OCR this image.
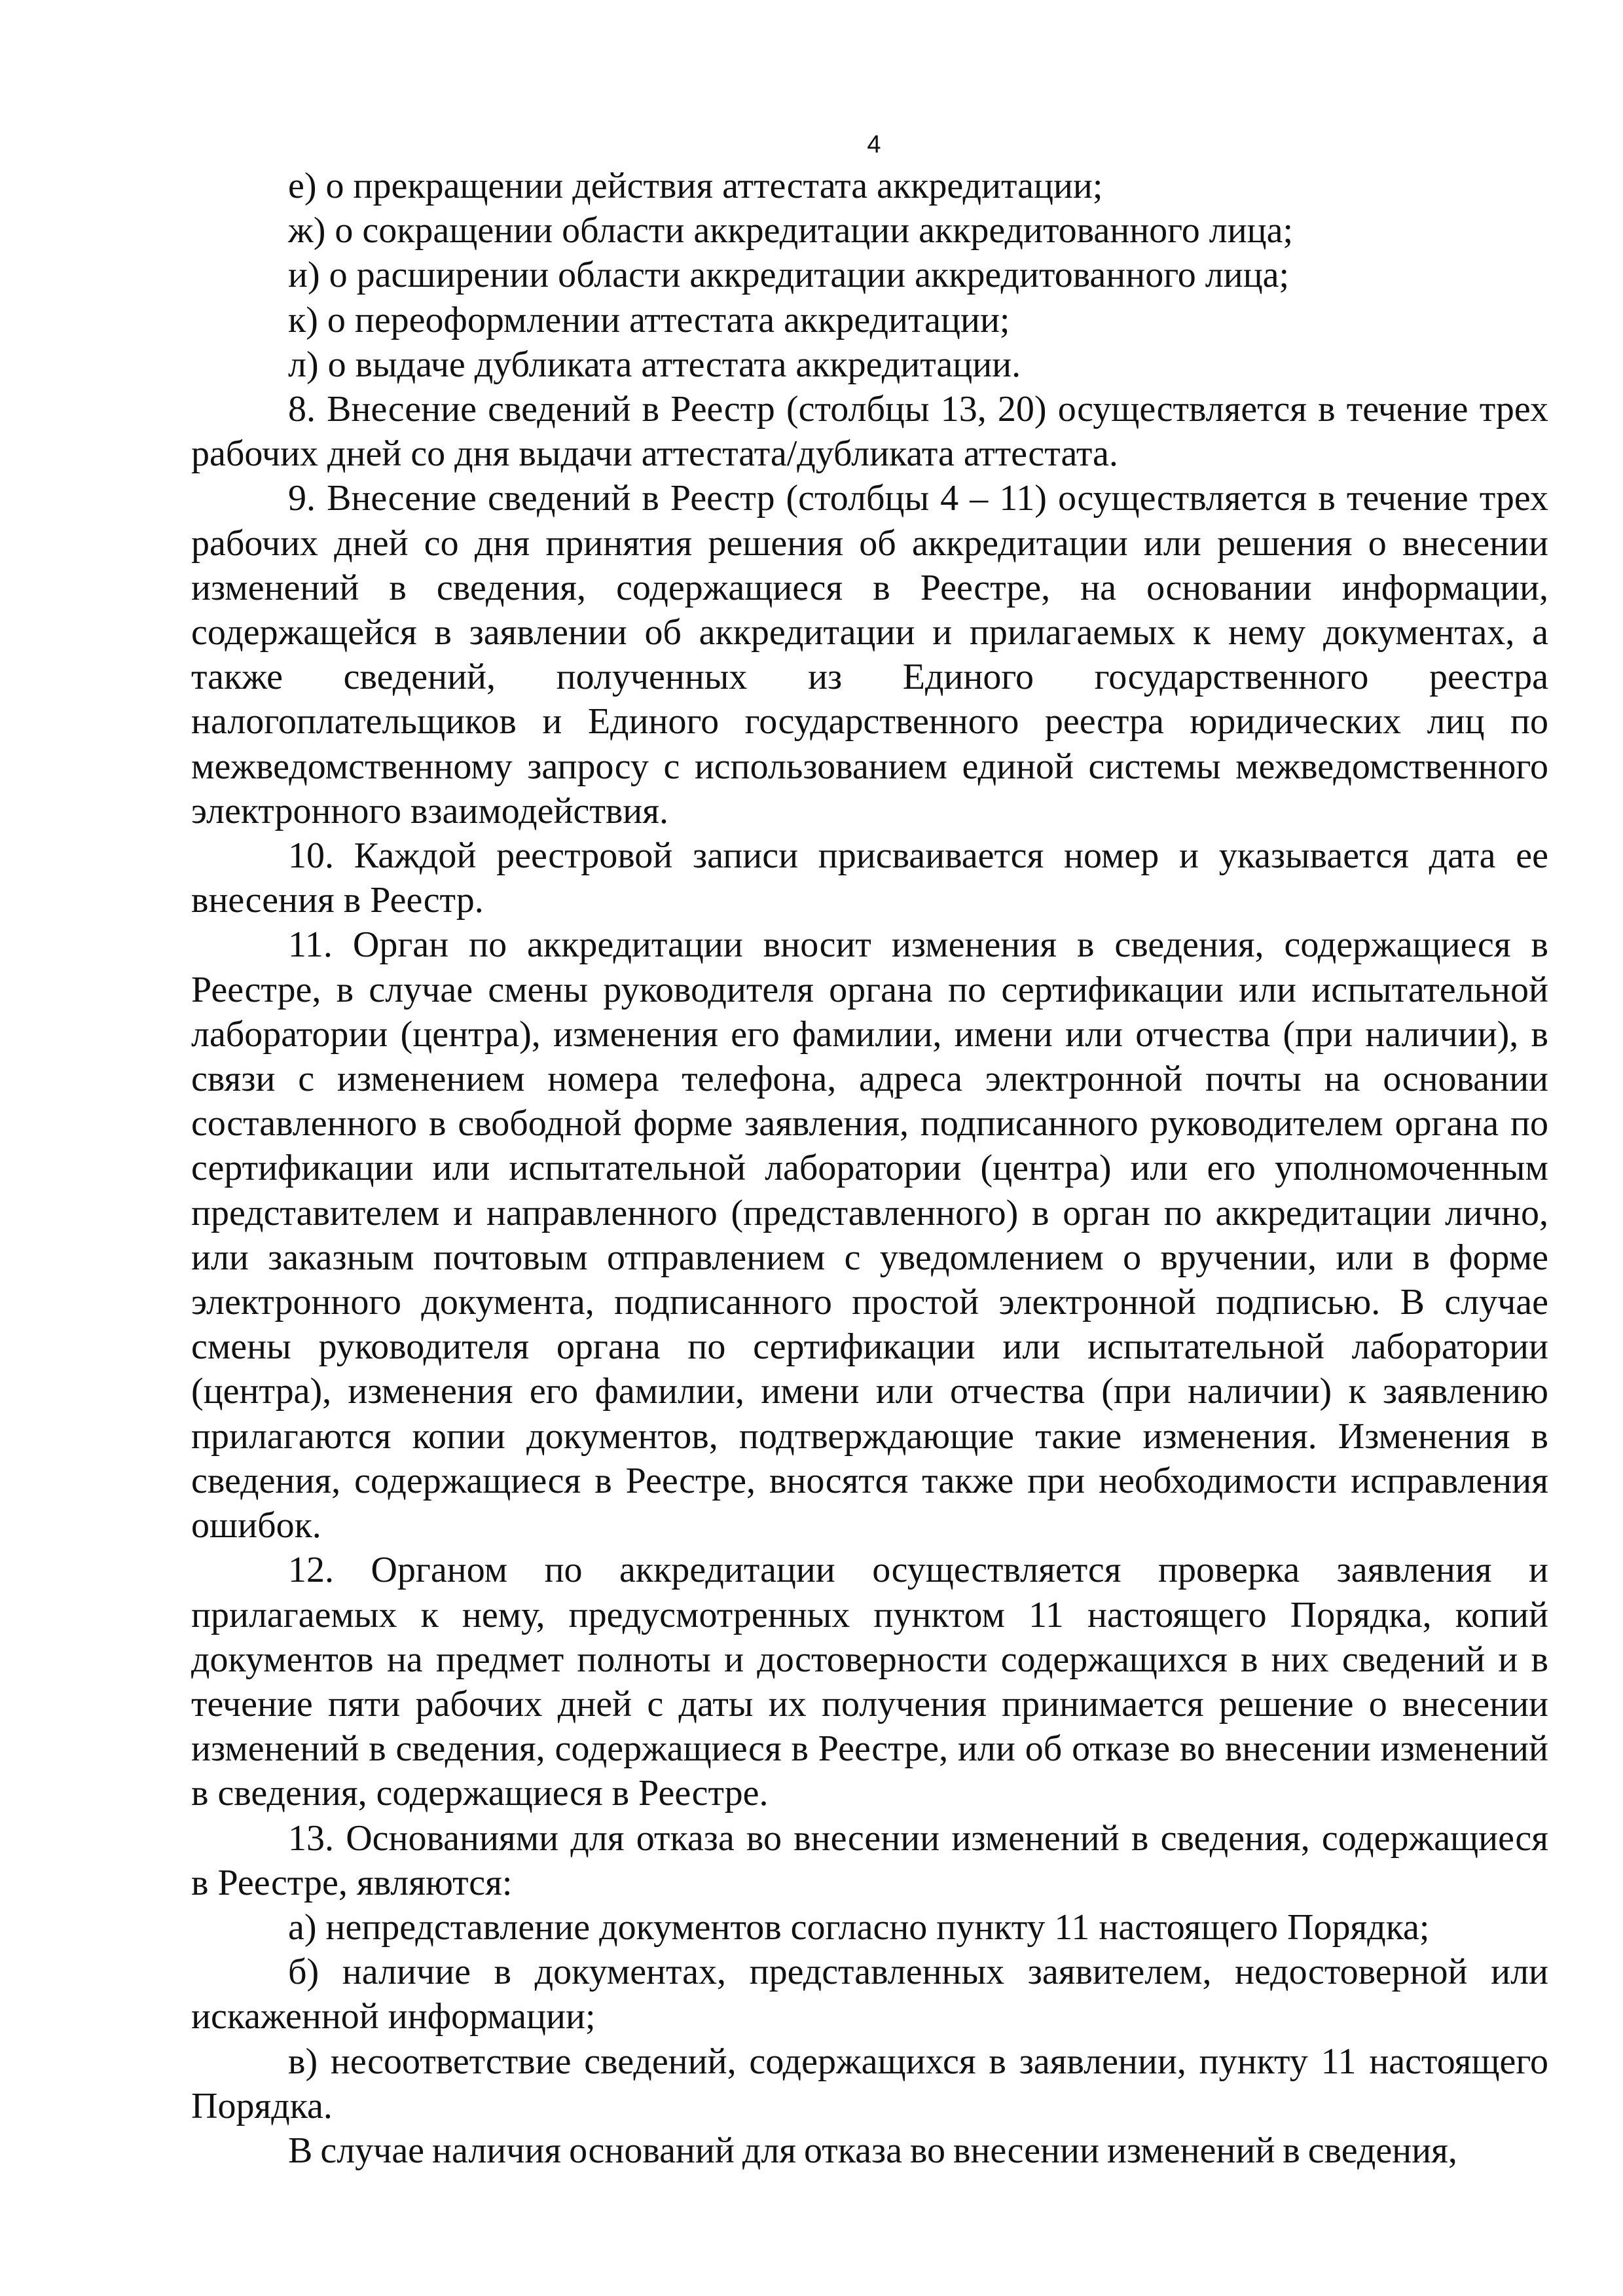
4

е) о прекращении действия аттестата аккредитации;

ж) о сокращении области аккредитации аккредитованного лица;

и) о расширении области аккредитации аккредитованного лица;

к) о переоформлении аттестата аккредитации;

л) о выдаче дубликата аттестата аккредитации.

8. Внесение сведений в Реестр (столбцы 13, 20) осуществляется в течение трех рабочих дней со дня выдачи аттестата/дубликата аттестата.

9. Внесение сведений в Реестр (столбцы 4 – 11) осуществляется в течение трех рабочих дней со дня принятия решения об аккредитации или решения о внесении изменений в сведения, содержащиеся в Реестре, на основании информации, содержащейся в заявлении об аккредитации и прилагаемых к нему документах, а также сведений, полученных из Единого государственного реестра налогоплательщиков и Единого государственного реестра юридических лиц по межведомственному запросу с использованием единой системы межведомственного электронного взаимодействия.

10. Каждой реестровой записи присваивается номер и указывается дата ее внесения в Реестр.

11. Орган по аккредитации вносит изменения в сведения, содержащиеся в Реестре, в случае смены руководителя органа по сертификации или испытательной лаборатории (центра), изменения его фамилии, имени или отчества (при наличии), в связи с изменением номера телефона, адреса электронной почты на основании составленного в свободной форме заявления, подписанного руководителем органа по сертификации или испытательной лаборатории (центра) или его уполномоченным представителем и направленного (представленного) в орган по аккредитации лично, или заказным почтовым отправлением с уведомлением о вручении, или в форме электронного документа, подписанного простой электронной подписью. В случае смены руководителя органа по сертификации или испытательной лаборатории (центра), изменения его фамилии, имени или отчества (при наличии) к заявлению прилагаются копии документов, подтверждающие такие изменения. Изменения в сведения, содержащиеся в Реестре, вносятся также при необходимости исправления ошибок.

12. Органом по аккредитации осуществляется проверка заявления и прилагаемых к нему, предусмотренных пунктом 11 настоящего Порядка, копий документов на предмет полноты и достоверности содержащихся в них сведений и в течение пяти рабочих дней с даты их получения принимается решение о внесении изменений в сведения, содержащиеся в Реестре, или об отказе во внесении изменений в сведения, содержащиеся в Реестре.

13. Основаниями для отказа во внесении изменений в сведения, содержащиеся в Реестре, являются:

а) непредставление документов согласно пункту 11 настоящего Порядка;

б) наличие в документах, представленных заявителем, недостоверной или искаженной информации;

в) несоответствие сведений, содержащихся в заявлении, пункту 11 настоящего Порядка.

В случае наличия оснований для отказа во внесении изменений в сведения,
